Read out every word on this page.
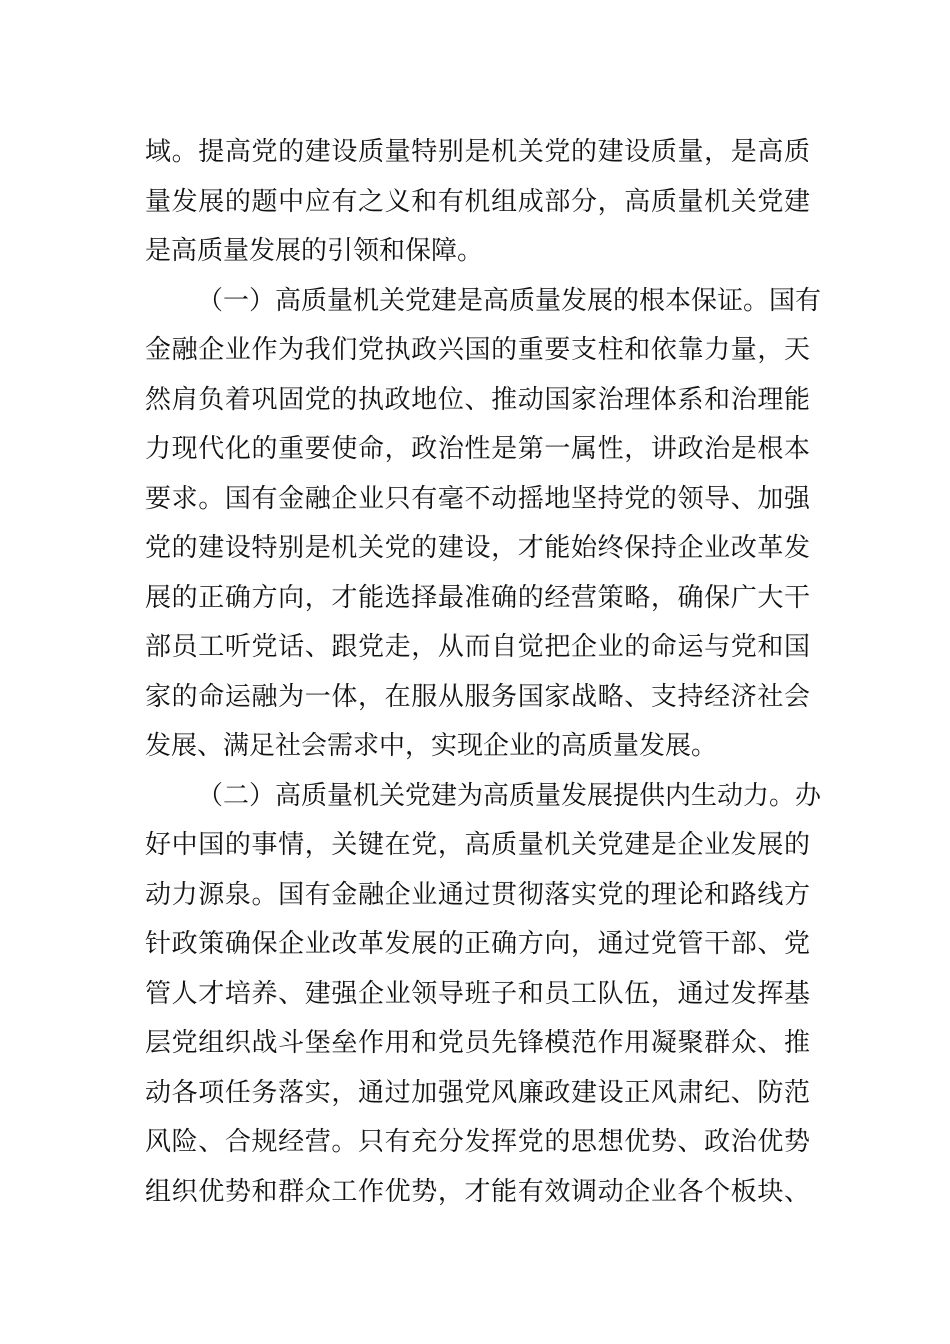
域。提高党的建设质量特别是机关党的建设质量，是高质
量发展的题中应有之义和有机组成部分，高质量机关党建
是高质量发展的引领和保障。
（一）高质量机关党建是高质量发展的根本保证。国有
金融企业作为我们党执政兴国的重要支柱和依靠力量，天
然肩负着巩固党的执政地位、推动国家治理体系和治理能
力现代化的重要使命，政治性是第一属性，讲政治是根本
要求。国有金融企业只有毫不动摇地坚持党的领导、加强
党的建设特别是机关党的建设，才能始终保持企业改革发
展的正确方向，才能选择最准确的经营策略，确保广大干
部员工听党话、跟党走，从而自觉把企业的命运与党和国
家的命运融为一体，在服从服务国家战略、支持经济社会
发展、满足社会需求中，实现企业的高质量发展。
（二）高质量机关党建为高质量发展提供内生动力。办
好中国的事情，关键在党，高质量机关党建是企业发展的
动力源泉。国有金融企业通过贯彻落实党的理论和路线方
针政策确保企业改革发展的正确方向，通过党管干部、党
管人才培养、建强企业领导班子和员工队伍，通过发挥基
层党组织战斗堡垒作用和党员先锋模范作用凝聚群众、推
动各项任务落实，通过加强党风廉政建设正风肃纪、防范
风险、合规经营。只有充分发挥党的思想优势、政治优势
组织优势和群众工作优势，才能有效调动企业各个板块、
